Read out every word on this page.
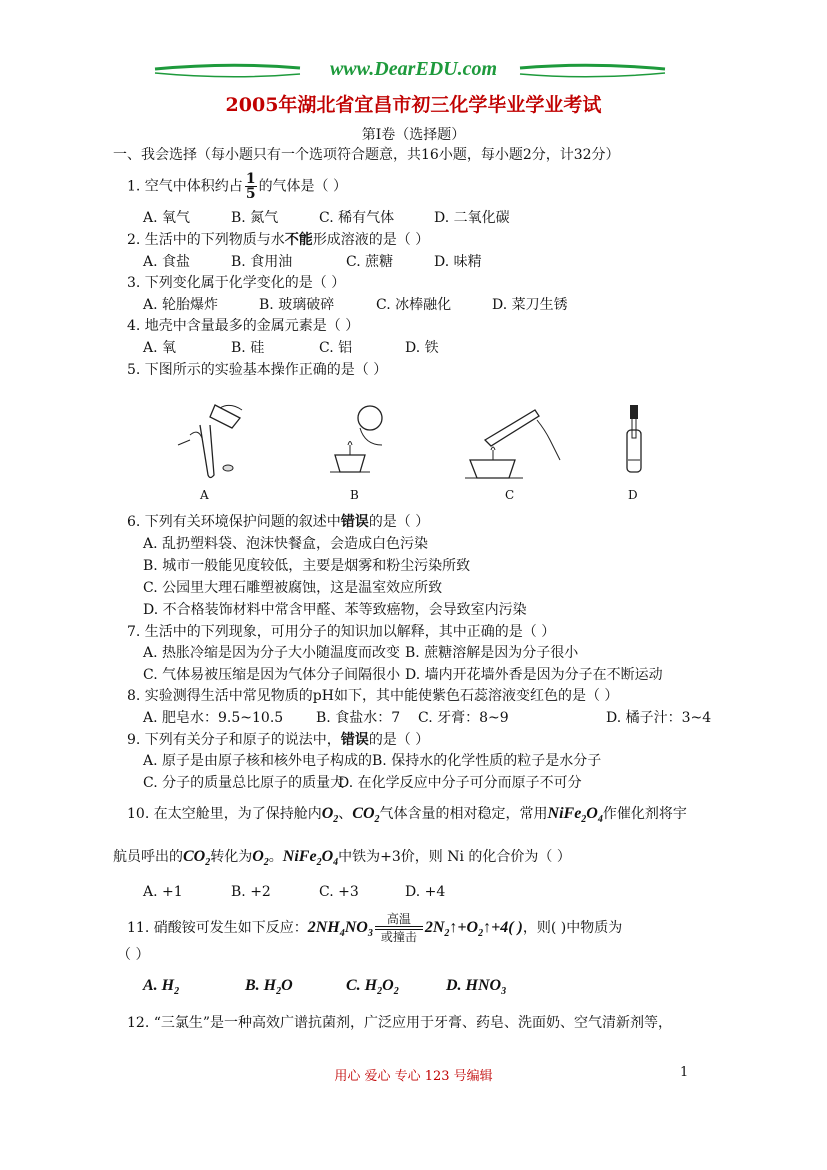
www.DearEDU.com
2005年湖北省宜昌市初三化学毕业学业考试
第Ⅰ卷（选择题）
一、我会选择（每小题只有一个选项符合题意，共16小题，每小题2分，计32分）
1. 空气中体积约占 $\frac{1}{5}$ 的气体是（ ）
A. 氧气	B. 氮气	C. 稀有气体	D. 二氧化碳
2. 生活中的下列物质与水不能形成溶液的是（ ）
A. 食盐	B. 食用油	C. 蔗糖	D. 味精
3. 下列变化属于化学变化的是（ ）
A. 轮胎爆炸	B. 玻璃破碎	C. 冰棒融化	D. 菜刀生锈
4. 地壳中含量最多的金属元素是（ ）
A. 氧	B. 硅	C. 铝	D. 铁
5. 下图所示的实验基本操作正确的是（ ）
A	B	C	D
6. 下列有关环境保护问题的叙述中错误的是（ ）
A. 乱扔塑料袋、泡沫快餐盒，会造成白色污染
B. 城市一般能见度较低，主要是烟雾和粉尘污染所致
C. 公园里大理石雕塑被腐蚀，这是温室效应所致
D. 不合格装饰材料中常含甲醛、苯等致癌物，会导致室内污染
7. 生活中的下列现象，可用分子的知识加以解释，其中正确的是（ ）
A. 热胀冷缩是因为分子大小随温度而改变 B. 蔗糖溶解是因为分子很小
C. 气体易被压缩是因为气体分子间隔很小 D. 墙内开花墙外香是因为分子在不断运动
8. 实验测得生活中常见物质的pH如下，其中能使紫色石蕊溶液变红色的是（ ）
A. 肥皂水：9.5~10.5 B. 食盐水：7 C. 牙膏：8~9	D. 橘子汁：3~4
9. 下列有关分子和原子的说法中，错误的是（ ）
A. 原子是由原子核和核外电子构成的 B. 保持水的化学性质的粒子是水分子
C. 分子的质量总比原子的质量大
D. 在化学反应中分子可分而原子不可分
10. 在太空舱里，为了保持舱内$O_2$、$CO_2$气体含量的相对稳定，常用$NiFe_2O_4$作催化剂将宇
航员呼出的$CO_2$转化为$O_2$。$NiFe_2O_4$中铁为+3价，则 Ni 的化合价为（ ）
A. +1	B. +2	C. +3	D. +4
11. 硝酸铵可发生如下反应：$2NH_4NO_3$
高温
或撞击
$2N_2↑+O_2↑+4$( )，则( )中物质为
（ ）
A. $H_2$	B. $H_2O$	C. $H_2O_2$	D. $HNO_3$
12. “三氯生”是一种高效广谱抗菌剂，广泛应用于牙膏、药皂、洗面奶、空气清新剂等，
用心 爱心 专心 123 号编辑	1
